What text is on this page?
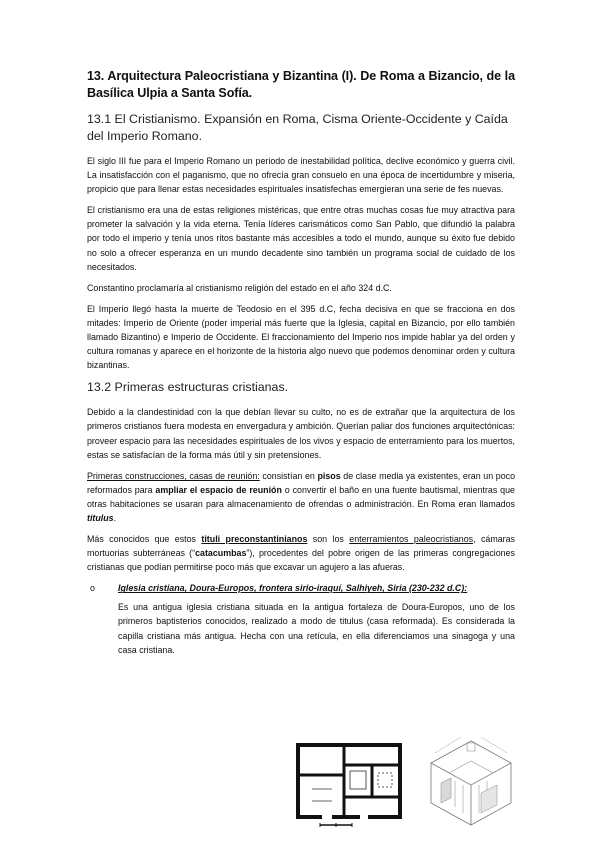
13. Arquitectura Paleocristiana y Bizantina (I). De Roma a Bizancio, de la Basílica Ulpia a Santa Sofía.
13.1 El Cristianismo. Expansión en Roma, Cisma Oriente-Occidente y Caída del Imperio Romano.

El siglo III fue para el Imperio Romano un periodo de inestabilidad política, declive económico y guerra civil. La insatisfacción con el paganismo, que no ofrecía gran consuelo en una época de incertidumbre y miseria, propicio que para llenar estas necesidades espirituales insatisfechas emergieran una serie de fes nuevas.

El cristianismo era una de estas religiones mistéricas, que entre otras muchas cosas fue muy atractiva para prometer la salvación y la vida eterna. Tenía líderes carismáticos como San Pablo, que difundió la palabra por todo el imperio y tenía unos ritos bastante más accesibles a todo el mundo, aunque su éxito fue debido no solo a ofrecer esperanza en un mundo decadente sino también un programa social de cuidado de los necesitados.

Constantino proclamaría al cristianismo religión del estado en el año 324 d.C.

El Imperio llegó hasta la muerte de Teodosio en el 395 d.C, fecha decisiva en que se fracciona en dos mitades: Imperio de Oriente (poder imperial más fuerte que la Iglesia, capital en Bizancio, por ello también llamado Bizantino) e Imperio de Occidente. El fraccionamiento del Imperio nos impide hablar ya del orden y cultura romanas y aparece en el horizonte de la historia algo nuevo que podemos denominar orden y cultura bizantinas.

13.2 Primeras estructuras cristianas.

Debido a la clandestinidad con la que debían llevar su culto, no es de extrañar que la arquitectura de los primeros cristianos fuera modesta en envergadura y ambición. Querían paliar dos funciones arquitectónicas: proveer espacio para las necesidades espirituales de los vivos y espacio de enterramiento para los muertos, estas se satisfacían de la forma más útil y sin pretensiones.

Primeras construcciones, casas de reunión: consistían en pisos de clase media ya existentes, eran un poco reformados para ampliar el espacio de reunión o convertir el baño en una fuente bautismal, mientras que otras habitaciones se usaran para almacenamiento de ofrendas o administración. En Roma eran llamados titulus.

Más conocidos que estos tituli preconstantinianos son los enterramientos paleocristianos, cámaras mortuorias subterráneas (“catacumbas”), procedentes del pobre origen de las primeras congregaciones cristianas que podían permitirse poco más que excavar un agujero a las afueras.

o	Iglesia cristiana, Doura-Europos, frontera sirio-iraquí, Salhiyeh, Siria (230-232 d.C):

Es una antigua iglesia cristiana situada en la antigua fortaleza de Doura-Europos, uno de los primeros baptisterios conocidos, realizado a modo de titulus (casa reformada). Es considerada la capilla cristiana más antigua. Hecha con una retícula, en ella diferenciamos una sinagoga y una casa cristiana.
